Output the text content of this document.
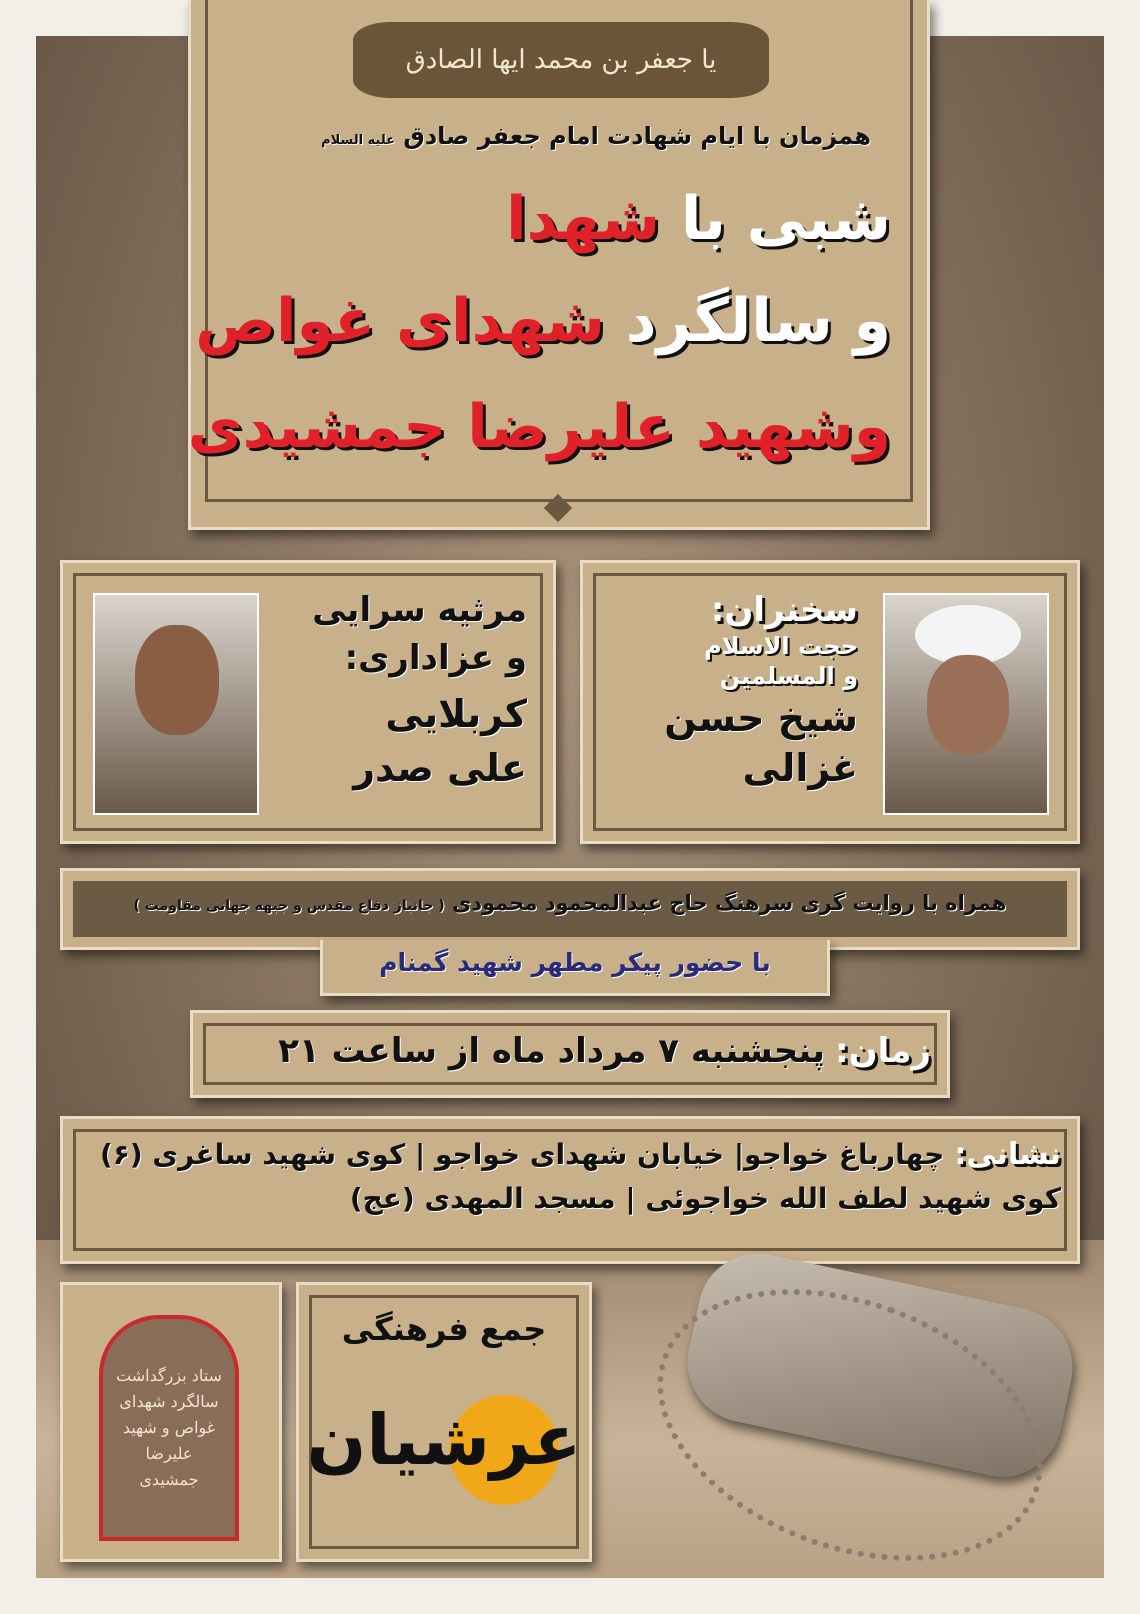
یا جعفر بن محمد ایها الصادق
همزمان با ایام شهادت امام جعفر صادق علیه السلام
شبی با شهدا
و سالگرد شهدای غواص
وشهید علیرضا جمشیدی
مرثیه سرایی
و عزاداری:
کربلایی
علی صدر
سخنران:
حجت الاسلام
و المسلمین
شیخ حسن
غزالی
همراه با روایت گری سرهنگ حاج عبدالمحمود محمودی ( جانباز دفاع مقدس و جبهه جهانی مقاومت )
با حضور پیکر مطهر شهید گمنام
زمان:
پنجشنبه ۷ مرداد ماه از ساعت ۲۱
نشانی:
چهارباغ خواجو| خیابان شهدای خواجو | کوی شهید ساغری (۶)
کوی شهید لطف الله خواجوئی | مسجد المهدی (عج)
ستاد بزرگداشت سالگرد شهدای غواص و شهید علیرضا جمشیدی
جمع فرهنگی
عرشیان
